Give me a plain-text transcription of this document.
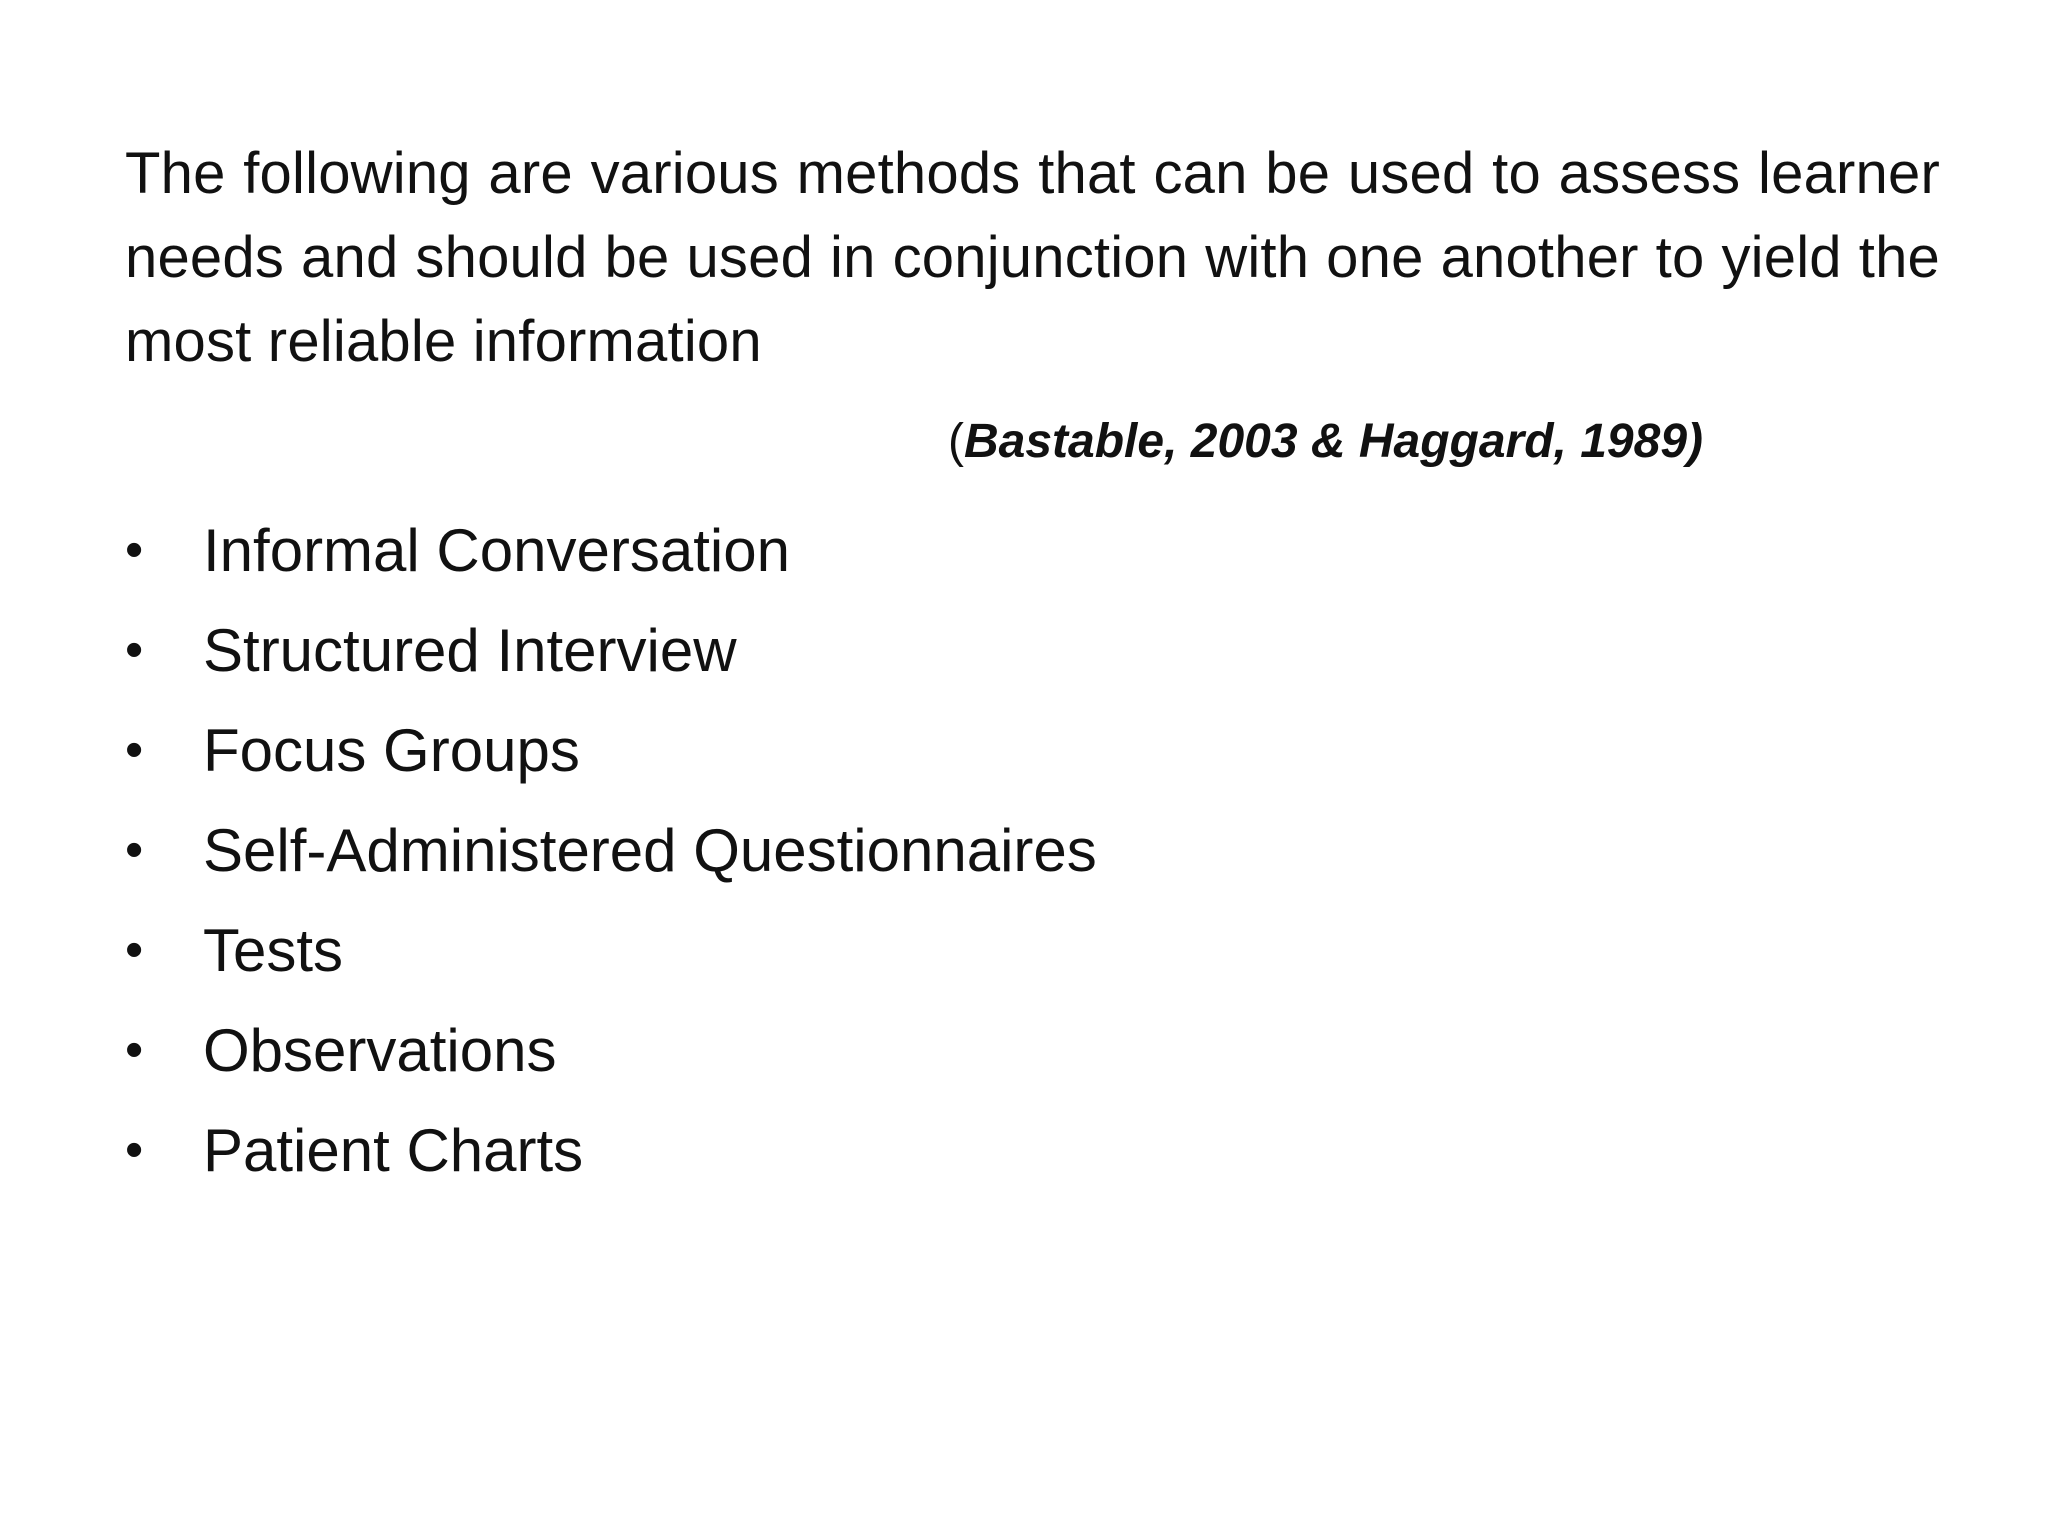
The following are various methods that can be used to assess learner needs and should be used in conjunction with one another to yield the most reliable information

(Bastable, 2003 & Haggard, 1989)

• Informal Conversation
• Structured Interview
• Focus Groups
• Self-Administered Questionnaires
• Tests
• Observations
• Patient Charts
